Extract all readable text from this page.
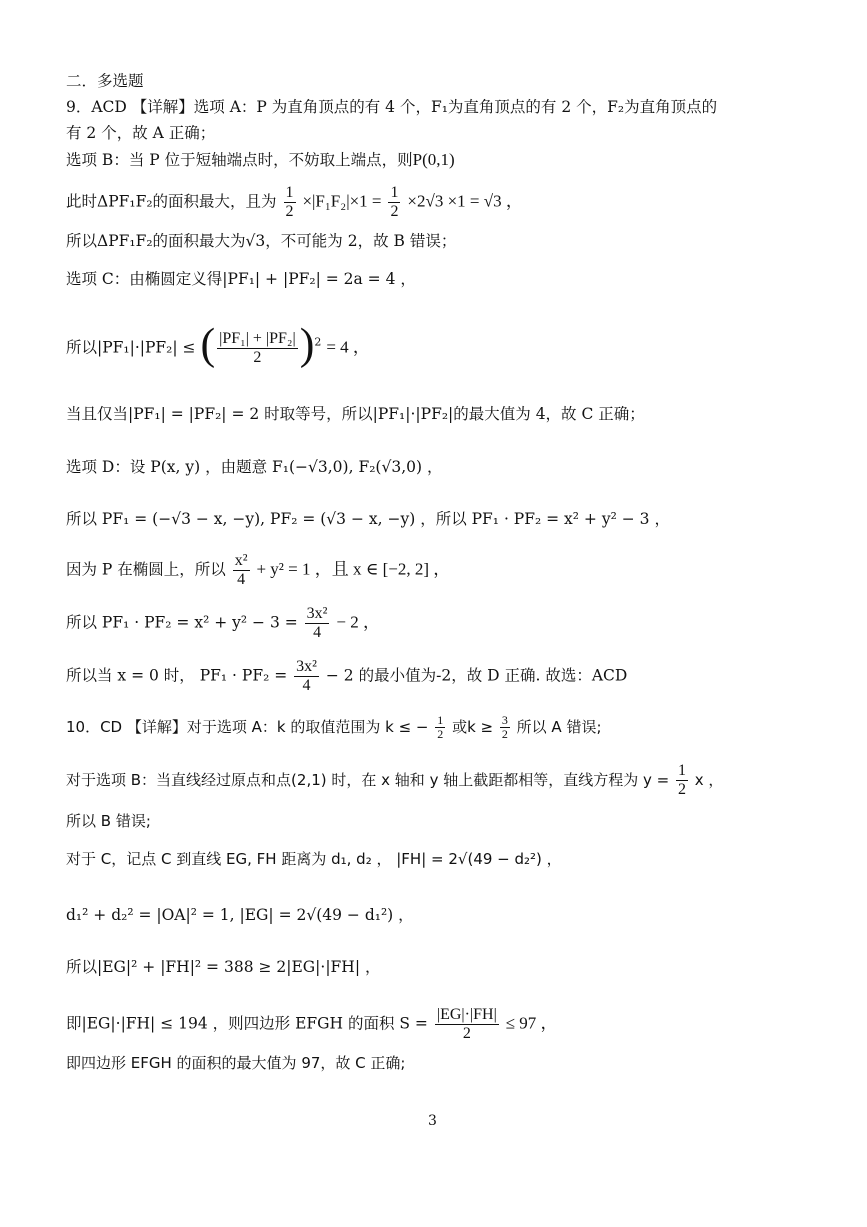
二．多选题
9．ACD 【详解】选项 A：P 为直角顶点的有 4 个，F₁为直角顶点的有 2 个，F₂为直角顶点的
有 2 个，故 A 正确；
选项 B：当 P 位于短轴端点时，不妨取上端点，则P(0,1)
此时ΔPF₁F₂的面积最大，且为 $\frac{1}{2} \times|F_1F_2|\times 1 = \frac{1}{2} \times 2√3 \times 1 = √3$ ，
所以ΔPF₁F₂的面积最大为√3，不可能为 2，故 B 错误；
选项 C：由椭圆定义得|PF₁| + |PF₂| = 2a = 4 ，
所以|PF₁|·|PF₂| ≤ ( $\frac{\text{|PF₁| + |PF₂|}}{2} )^2 = 4$ ，
当且仅当|PF₁| = |PF₂| = 2 时取等号，所以|PF₁|·|PF₂|的最大值为 4，故 C 正确；
选项 D：设 P(x, y) ，由题意 F₁(−√3,0), F₂(√3,0) ，
所以 PF₁ = (−√3 − x, −y), PF₂ = (√3 − x, −y) ，所以 PF₁ · PF₂ = x² + y² − 3 ，
因为 P 在椭圆上，所以 $\frac{\text{x²}}{4} + y^2 = 1$ ，且 x ∈ [−2, 2] ，
所以 $PF_1 \cdot PF_2 = x^2 + y^2 - 3 = \frac{\text{3x²}}{4} - 2$ ，
所以当 x = 0 时， $PF_1 \cdot PF_2 = \frac{\text{3x²}}{4} - 2$ 的最小值为-2，故 D 正确. 故选：ACD
10．CD 【详解】对于选项 A：k 的取值范围为 k ≤ − $\frac{1}{2}$ 或$k \ge \frac{3}{2}$ 所以 A 错误;
对于选项 B：当直线经过原点和点(2,1) 时，在 x 轴和 y 轴上截距都相等，直线方程为 $y = \frac{1}{2}$ x ，
所以 B 错误;
对于 C，记点 C 到直线 EG, FH 距离为 d₁, d₂ ， |FH| = 2√(49 − d₂²) ，
d₁² + d₂² = |OA|² = 1, |EG| = 2√(49 − d₁²) ，
所以|EG|² + |FH|² = 388 ≥ 2|EG|·|FH| ，
即|EG|·|FH| ≤ 194 ，则四边形 EFGH 的面积 $S = \frac{|EG|\cdot|FH|}{2} \le 97$ ，
即四边形 EFGH 的面积的最大值为 97，故 C 正确;
3
